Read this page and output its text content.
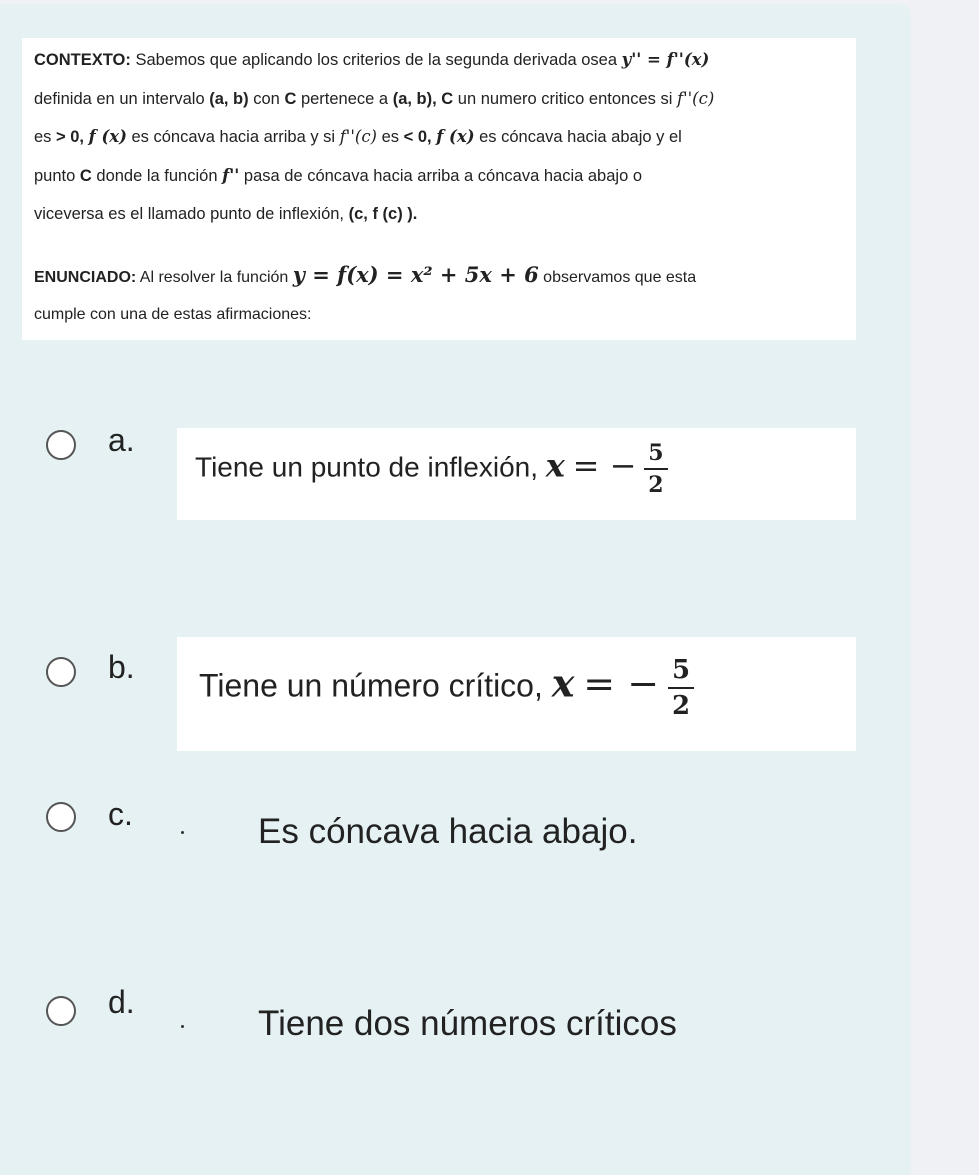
CONTEXTO: Sabemos que aplicando los criterios de la segunda derivada osea y'' = f''(x)
definida en un intervalo (a, b) con C pertenece a (a, b), C un numero critico entonces si f''(c)
es > 0, f (x) es cóncava hacia arriba y si f''(c) es < 0, f (x) es cóncava hacia abajo y el
punto C donde la función f'' pasa de cóncava hacia arriba a cóncava hacia abajo o
viceversa es el llamado punto de inflexión, (c, f (c) ).
ENUNCIADO: Al resolver la función y = f(x) = x² + 5x + 6 observamos que esta
cumple con una de estas afirmaciones:
a.
Tiene un punto de inflexión, x = − $\frac{5}{2}$
b.
Tiene un número crítico, x = − $\frac{5}{2}$
c.	Es cóncava hacia abajo.
d.
Tiene dos números críticos
